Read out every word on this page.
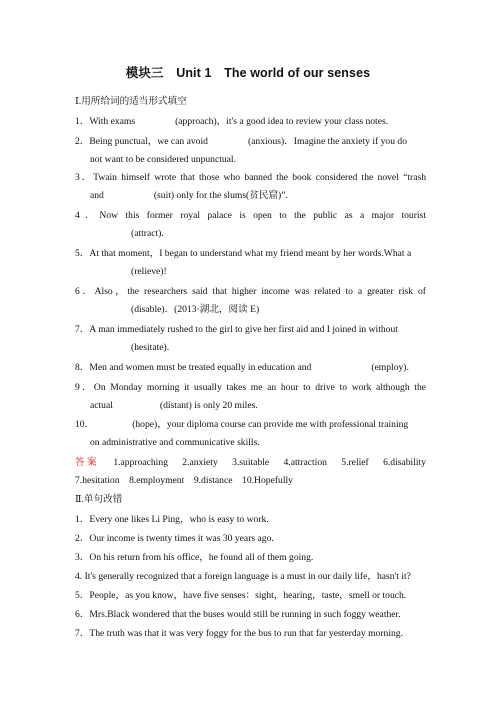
模块三　Unit 1　The world of our senses
Ⅰ.用所给词的适当形式填空
1．With exams	(approach)，it's a good idea to review your class notes.
2．Being punctual，we can avoid	(anxious)．Imagine the anxiety if you do
not want to be considered unpunctual.
3．Twain himself wrote that those who banned the book considered the novel “trash
and	(suit) only for the slums(贫民窟)”.
4．Now this former royal palace is open to the public as a major tourist
(attract).
5．At that moment，I began to understand what my friend meant by her words.What a
(relieve)!
6．Also，the researchers said that higher income was related to a greater risk of
(disable)．(2013·湖北，阅读 E)
7．A man immediately rushed to the girl to give her first aid and I joined in without
(hesitate).
8．Men and women must be treated equally in education and	(employ).
9．On Monday morning it usually takes me an hour to drive to work although the
actual	(distant) is only 20 miles.
10．	(hope)，your diploma course can provide me with professional training
on administrative and communicative skills.
答案 1.approaching　2.anxiety　3.suitable　4.attraction　5.relief　6.disability
7.hesitation　8.employment　9.distance　10.Hopefully
Ⅱ.单句改错
1．Every one likes Li Ping，who is easy to work.
2．Our income is twenty times it was 30 years ago.
3．On his return from his office，he found all of them going.
4. It's generally recognized that a foreign language is a must in our daily life，hasn't it?
5．People，as you know，have five senses：sight，hearing，taste，smell or touch.
6．Mrs.Black wondered that the buses would still be running in such foggy weather.
7．The truth was that it was very foggy for the bus to run that far yesterday morning.
